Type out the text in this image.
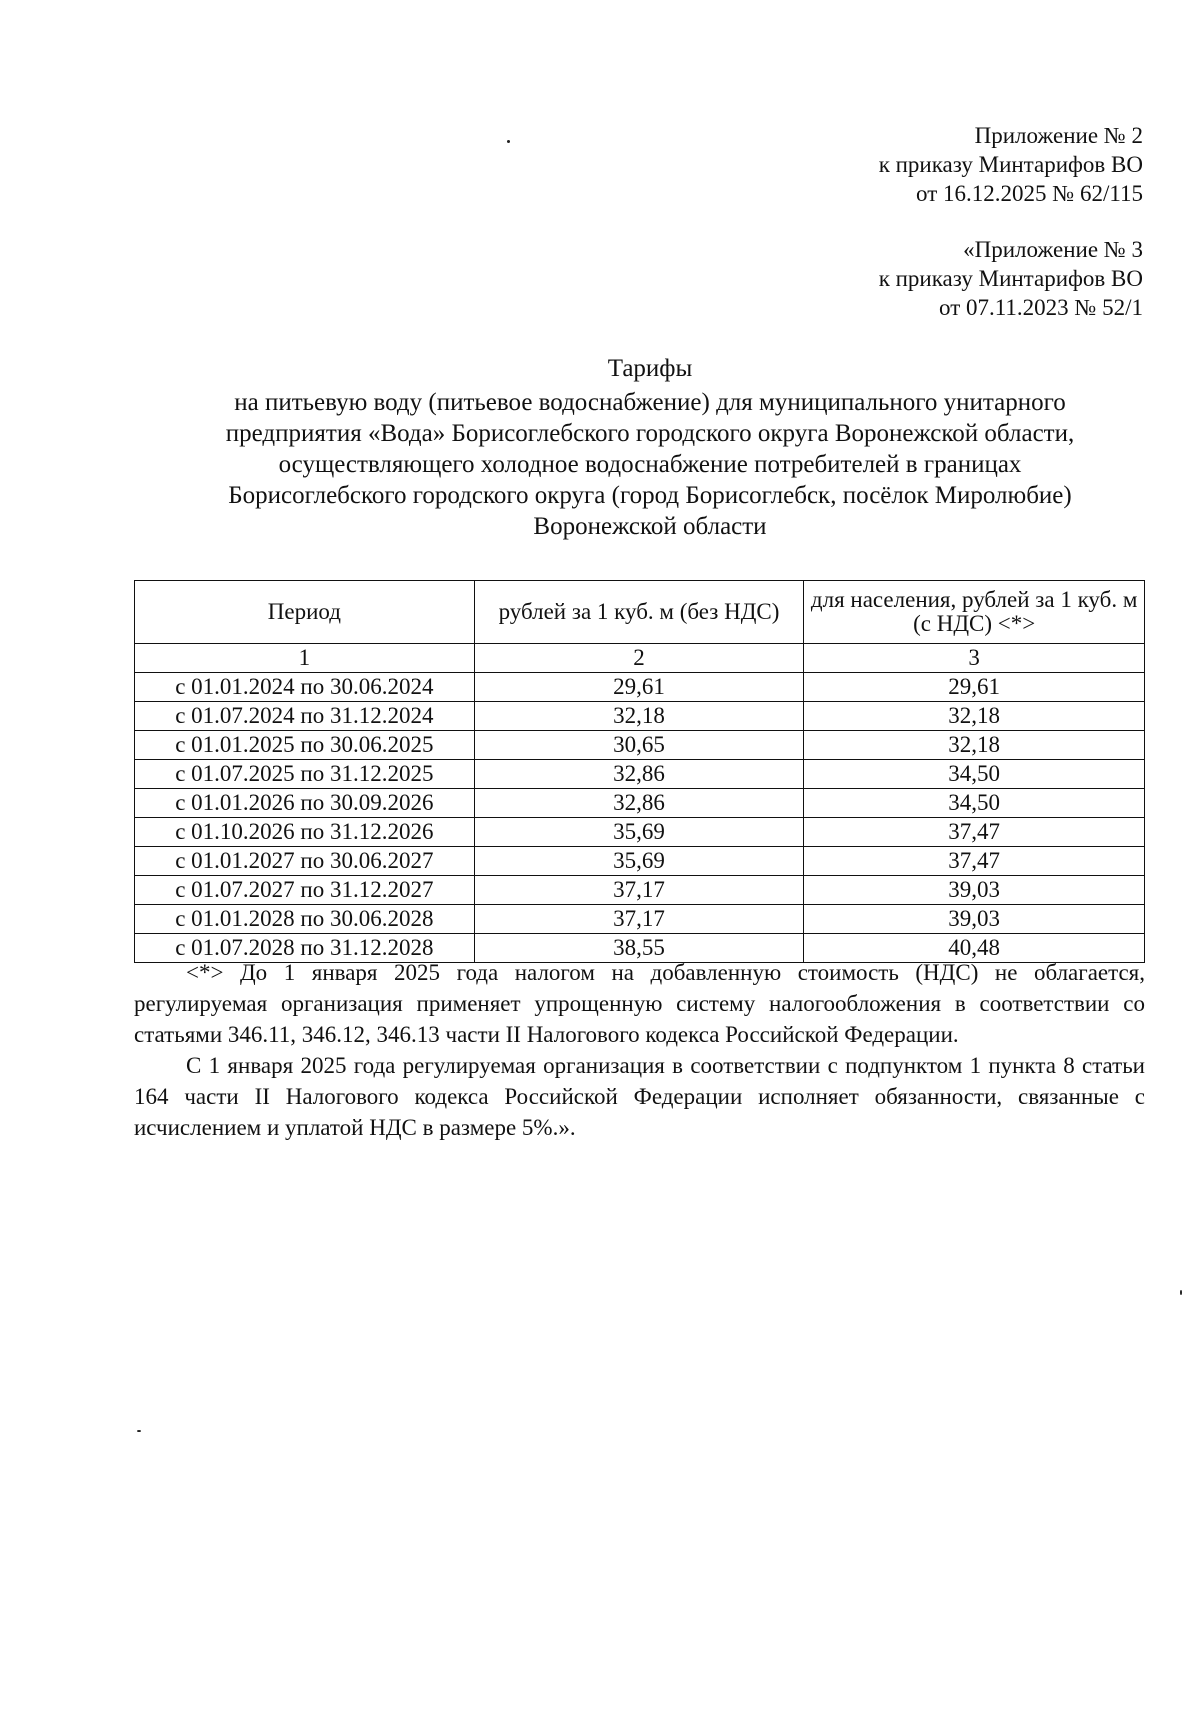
Приложение № 2
к приказу Минтарифов ВО
от 16.12.2025 № 62/115
«Приложение № 3
к приказу Минтарифов ВО
от 07.11.2023 № 52/1
Тарифы
на питьевую воду (питьевое водоснабжение) для муниципального унитарного
предприятия «Вода» Борисоглебского городского округа Воронежской области,
осуществляющего холодное водоснабжение потребителей в границах
Борисоглебского городского округа (город Борисоглебск, посёлок Миролюбие)
Воронежской области
Период	рублей за 1 куб. м (без НДС)	для населения, рублей за 1 куб. м (с НДС) <*>
1	2	3
с 01.01.2024 по 30.06.2024	29,61	29,61
с 01.07.2024 по 31.12.2024	32,18	32,18
с 01.01.2025 по 30.06.2025	30,65	32,18
с 01.07.2025 по 31.12.2025	32,86	34,50
с 01.01.2026 по 30.09.2026	32,86	34,50
с 01.10.2026 по 31.12.2026	35,69	37,47
с 01.01.2027 по 30.06.2027	35,69	37,47
с 01.07.2027 по 31.12.2027	37,17	39,03
с 01.01.2028 по 30.06.2028	37,17	39,03
с 01.07.2028 по 31.12.2028	38,55	40,48

<*> До 1 января 2025 года налогом на добавленную стоимость (НДС) не облагается, регулируемая организация применяет упрощенную систему налогообложения в соответствии со статьями 346.11, 346.12, 346.13 части II Налогового кодекса Российской Федерации.

С 1 января 2025 года регулируемая организация в соответствии с подпунктом 1 пункта 8 статьи 164 части II Налогового кодекса Российской Федерации исполняет обязанности, связанные с исчислением и уплатой НДС в размере 5%.».
